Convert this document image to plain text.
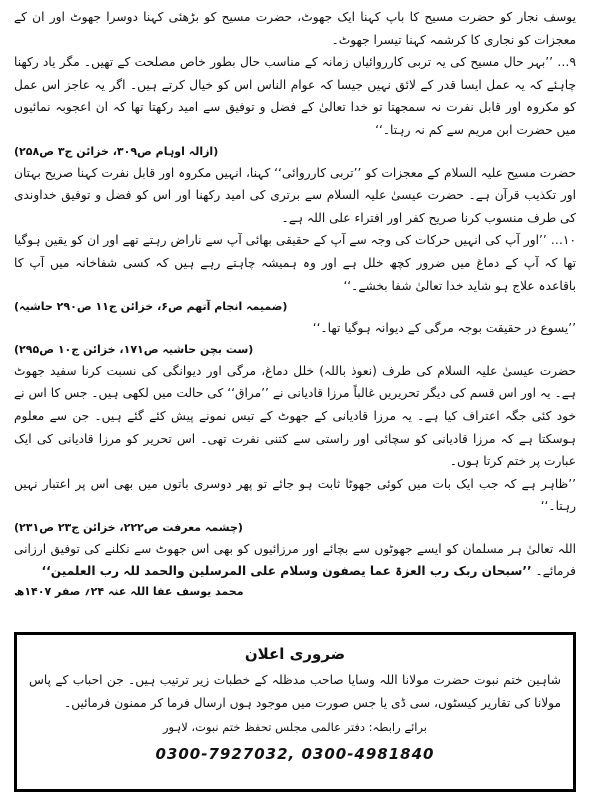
یوسف نجار کو حضرت مسیح کا باپ کہنا ایک جھوٹ، حضرت مسیح کو بڑھئی کہنا دوسرا جھوٹ اور ان کے معجزات کو نجاری کا کرشمہ کہنا تیسرا جھوٹ۔

۹… ’’بہر حال مسیح کی یہ تربی کارروائیاں زمانہ کے مناسب حال بطور خاص مصلحت کے تھیں۔ مگر یاد رکھنا چاہئے کہ یہ عمل ایسا قدر کے لائق نہیں جیسا کہ عوام الناس اس کو خیال کرتے ہیں۔ اگر یہ عاجز اس عمل کو مکروہ اور قابل نفرت نہ سمجھتا تو خدا تعالیٰ کے فضل و توفیق سے امید رکھتا تھا کہ ان اعجوبہ نمائیوں میں حضرت ابن مریم سے کم نہ رہتا۔‘‘

(ازالہ اوہام ص۳۰۹، خزائن ج۳ ص۲۵۸)

حضرت مسیح علیہ السلام کے معجزات کو ’’تربی کارروائی‘‘ کہنا، انہیں مکروہ اور قابل نفرت کہنا صریح بہتان اور تکذیب قرآن ہے۔ حضرت عیسیٰ علیہ السلام سے برتری کی امید رکھنا اور اس کو فضل و توفیق خداوندی کی طرف منسوب کرنا صریح کفر اور افتراء علی اللہ ہے۔

۱۰… ’’اور آپ کی انہیں حرکات کی وجہ سے آپ کے حقیقی بھائی آپ سے ناراض رہتے تھے اور ان کو یقین ہوگیا تھا کہ آپ کے دماغ میں ضرور کچھ خلل ہے اور وہ ہمیشہ چاہتے رہے ہیں کہ کسی شفاخانہ میں آپ کا باقاعدہ علاج ہو شاید خدا تعالیٰ شفا بخشے۔‘‘

(ضمیمہ انجام آتھم ص۶، خزائن ج۱۱ ص۲۹۰ حاشیہ)

’’یسوع در حقیقت بوجہ مرگی کے دیوانہ ہوگیا تھا۔‘‘

(ست بچن حاشیہ ص۱۷۱، خزائن ج۱۰ ص۲۹۵)

حضرت عیسیٰ علیہ السلام کی طرف (نعوذ باللہ) خلل دماغ، مرگی اور دیوانگی کی نسبت کرنا سفید جھوٹ ہے۔ یہ اور اس قسم کی دیگر تحریریں غالباً مرزا قادیانی نے ’’مراق‘‘ کی حالت میں لکھی ہیں۔ جس کا اس نے خود کئی جگہ اعتراف کیا ہے۔ یہ مرزا قادیانی کے جھوٹ کے تیس نمونے پیش کئے گئے ہیں۔ جن سے معلوم ہوسکتا ہے کہ مرزا قادیانی کو سچائی اور راستی سے کتنی نفرت تھی۔ اس تحریر کو مرزا قادیانی کی ایک عبارت پر ختم کرتا ہوں۔

’’ظاہر ہے کہ جب ایک بات میں کوئی جھوٹا ثابت ہو جائے تو پھر دوسری باتوں میں بھی اس پر اعتبار نہیں رہتا۔‘‘

(چشمہ معرفت ص۲۲۲، خزائن ج۲۳ ص۲۳۱)

اللہ تعالیٰ ہر مسلمان کو ایسے جھوٹوں سے بچائے اور مرزائیوں کو بھی اس جھوٹ سے نکلنے کی توفیق ارزانی فرمائے۔ ’’سبحان ربک رب العزۃ عما یصفون وسلام علی المرسلین والحمد للہ رب العلمین‘‘

محمد یوسف عفا اللہ عنہ ۲۴؍ صفر ۱۴۰۷ھ
ضروری اعلان
شاہین ختم نبوت حضرت مولانا اللہ وسایا صاحب مدظلہ کے خطبات زیر ترتیب ہیں۔ جن احباب کے پاس مولانا کی تقاریر کیسٹوں، سی ڈی یا جس صورت میں موجود ہوں ارسال فرما کر ممنون فرمائیں۔
برائے رابطہ: دفتر عالمی مجلس تحفظ ختم نبوت، لاہور
0300-7927032, 0300-4981840
